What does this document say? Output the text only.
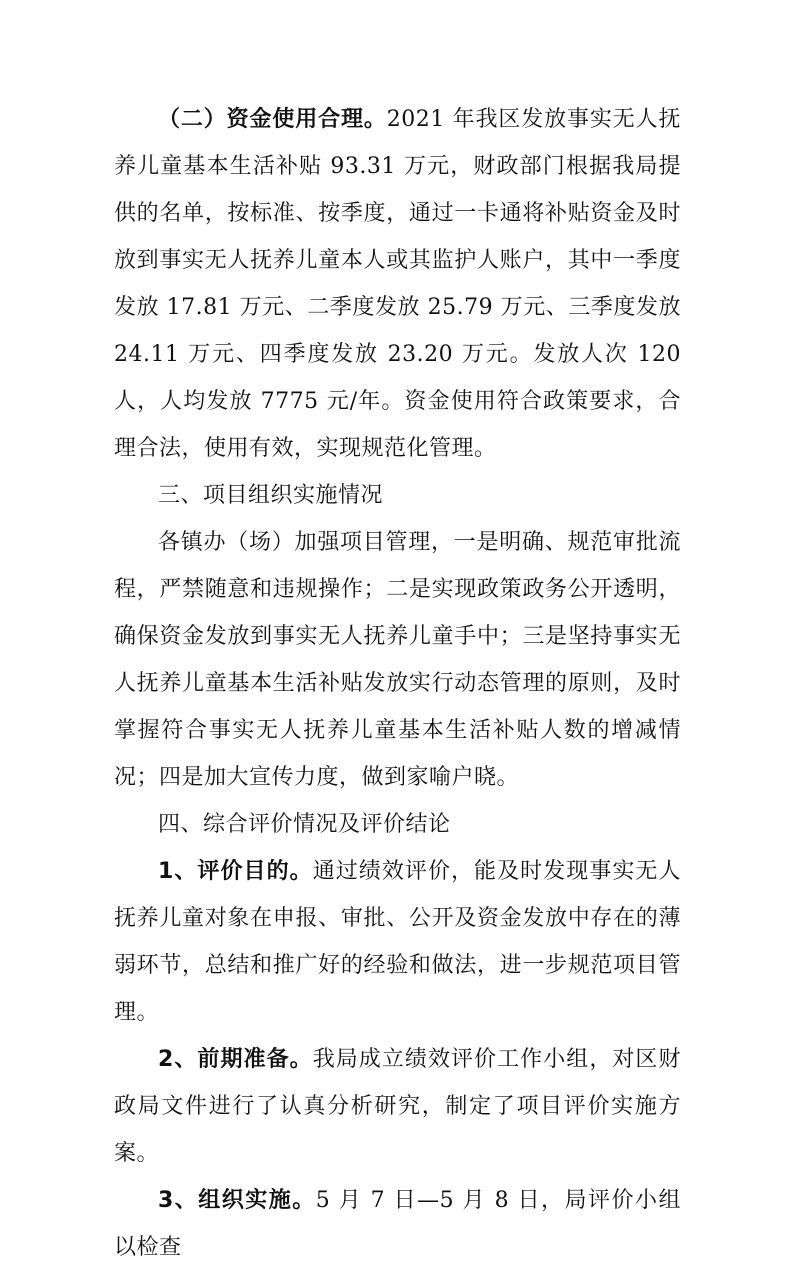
（二）资金使用合理。2021 年我区发放事实无人抚养儿童基本生活补贴 93.31 万元，财政部门根据我局提供的名单，按标准、按季度，通过一卡通将补贴资金及时放到事实无人抚养儿童本人或其监护人账户，其中一季度发放 17.81 万元、二季度发放 25.79 万元、三季度发放 24.11 万元、四季度发放 23.20 万元。发放人次 120 人，人均发放 7775 元/年。资金使用符合政策要求，合理合法，使用有效，实现规范化管理。

三、项目组织实施情况

各镇办（场）加强项目管理，一是明确、规范审批流程，严禁随意和违规操作；二是实现政策政务公开透明，确保资金发放到事实无人抚养儿童手中；三是坚持事实无人抚养儿童基本生活补贴发放实行动态管理的原则，及时掌握符合事实无人抚养儿童基本生活补贴人数的增减情况；四是加大宣传力度，做到家喻户晓。

四、综合评价情况及评价结论

1、评价目的。通过绩效评价，能及时发现事实无人抚养儿童对象在申报、审批、公开及资金发放中存在的薄弱环节，总结和推广好的经验和做法，进一步规范项目管理。

2、前期准备。我局成立绩效评价工作小组，对区财政局文件进行了认真分析研究，制定了项目评价实施方案。

3、组织实施。5 月 7 日—5 月 8 日，局评价小组以检查
